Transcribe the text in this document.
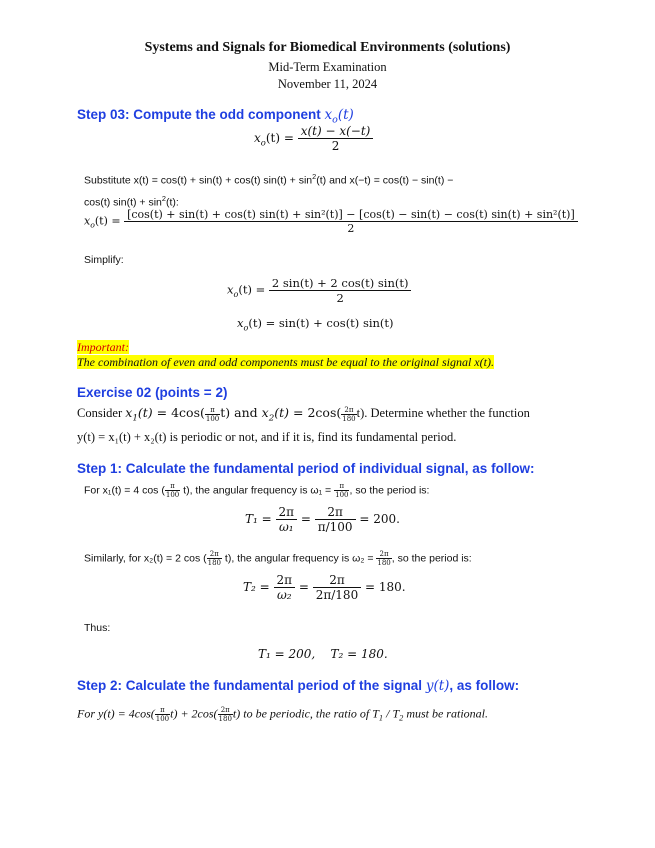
Systems and Signals for Biomedical Environments (solutions)
Mid-Term Examination
November 11, 2024
Step 03: Compute the odd component $x_o(t)$
$x_o(t) = \frac{x(t) - x(-t)}{2}$
Substitute x(t) = cos(t) + sin(t) + cos(t) $\sin(t) + \sin^2(t)$ and x(−t) = cos(t) − sin(t) −
cos(t) $\sin(t) + \sin^2(t)$:
$x_o(t) = [\cos(t) + \sin(t) + \cos(t) \sin(t) + \sin^2(t)] - [\cos(t) - \sin(t) - \cos(t) \sin(t) + \sin^2(t)]$
2
Simplify:
$x_o(t) = \frac{2 \sin(t) + 2 \cos(t) \sin(t)}{2}$
$x_o(t) = \sin(t) + \cos(t)$ sin(t)
Important:
The combination of even and odd components must be equal to the original signal x(t).
Exercise 02 (points = 2)
Consider $x_1(t) = 4\cos( \frac{\pi}{100} t)$ and $x_2(t) = 2\cos( \frac{2\pi}{180} t)$. Determine whether the function
y(t) = x₁(t) + x₂(t) is periodic or not, and if it is, find its fundamental period.
Step 1: Calculate the fundamental period of individual signal, as follow:
For x₁(t) = 4 cos ( $\frac{\pi}{100} t$), the angular frequency is $\omega_1 = \frac{\pi}{100}$ , so the period is:
$T_1 = \frac{2\pi}{\text{ω₁}} = \frac{2\pi}{\pi/100} = 200$.
Similarly, for x₂(t) = 2 cos ( $\frac{2\pi}{180} t$), the angular frequency is $\omega_2 = \frac{2\pi}{180}$ , so the period is:
$T_2 = \frac{2\pi}{\text{ω₂}} = \frac{2\pi}{2\pi/180} = 180$.
Thus:
T₁ = 200,    T₂ = 180.
Step 2: Calculate the fundamental period of the signal y(t), as follow:
For $y(t) = 4\cos( \frac{\pi}{100} t) + 2\cos( \frac{2\pi}{180} t)$ to be periodic, the ratio of $T_1 / T_2$ must be rational.
